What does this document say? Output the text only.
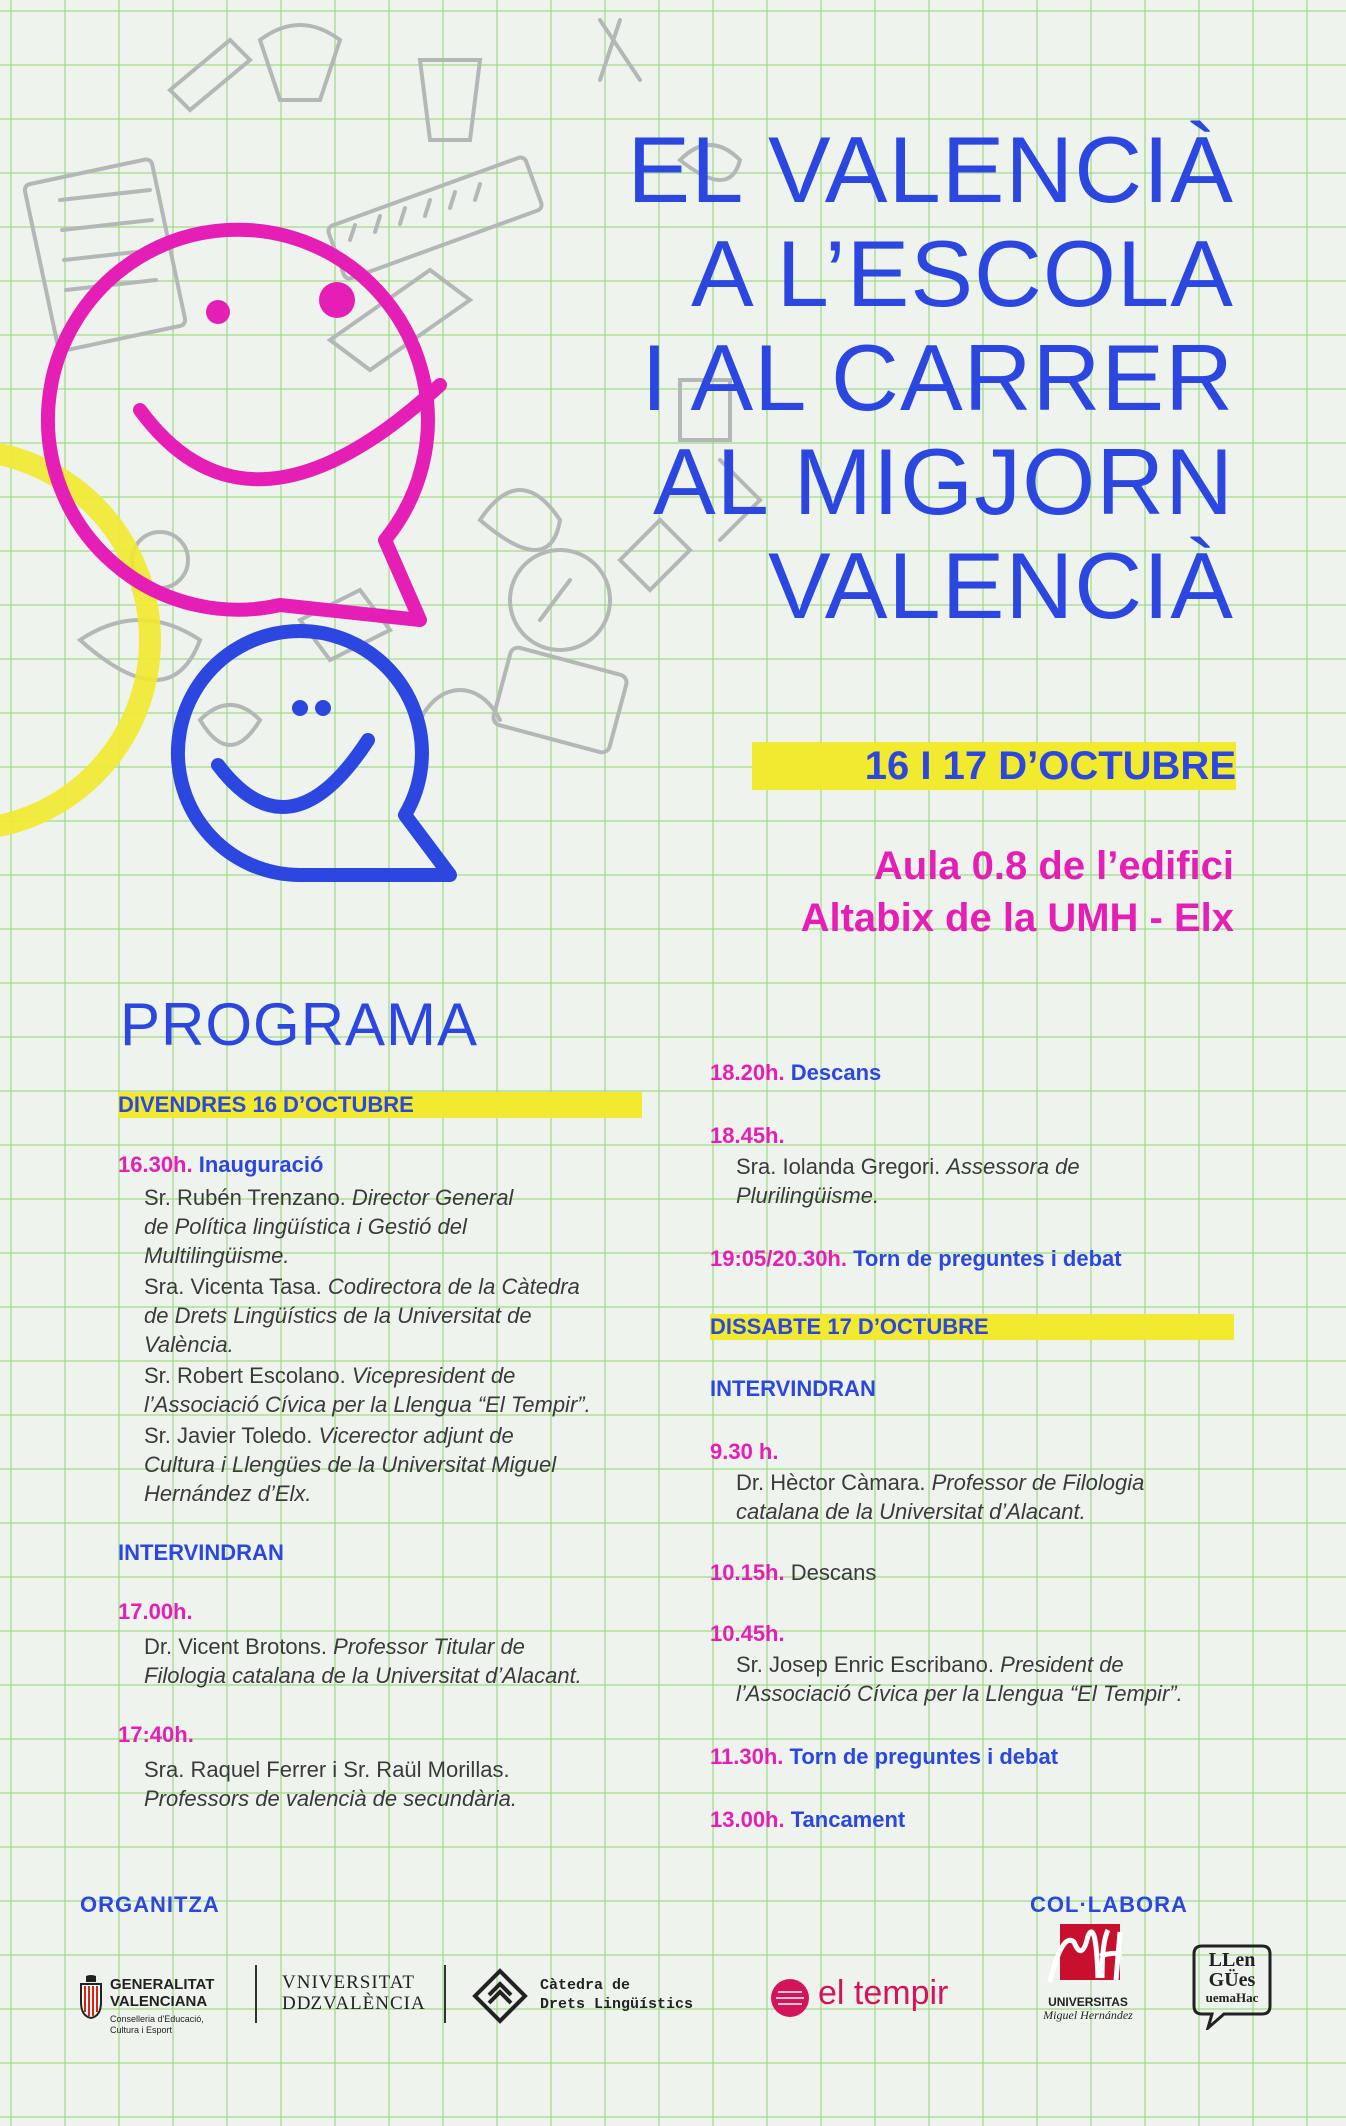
EL VALENCIÀ
A L’ESCOLA
I AL CARRER
AL MIGJORN
VALENCIÀ
16 I 17 D’OCTUBRE
Aula 0.8 de l’edifici
Altabix de la UMH - Elx
PROGRAMA
DIVENDRES 16 D’OCTUBRE
16.30h. Inauguració
Sr. Rubén Trenzano. Director General
de Política lingüística i Gestió del
Multilingüisme.
Sra. Vicenta Tasa. Codirectora de la Càtedra
de Drets Lingüístics de la Universitat de
València.
Sr. Robert Escolano. Vicepresident de
l’Associació Cívica per la Llengua “El Tempir”.
Sr. Javier Toledo. Vicerector adjunt de
Cultura i Llengües de la Universitat Miguel
Hernández d’Elx.
INTERVINDRAN
17.00h.
Dr. Vicent Brotons. Professor Titular de
Filologia catalana de la Universitat d’Alacant.
17:40h.
Sra. Raquel Ferrer i Sr. Raül Morillas.
Professors de valencià de secundària.
18.20h. Descans
18.45h.
Sra. Iolanda Gregori. Assessora de
Plurilingüisme.
19:05/20.30h. Torn de preguntes i debat
DISSABTE 17 D’OCTUBRE
INTERVINDRAN
9.30 h.
Dr. Hèctor Càmara. Professor de Filologia
catalana de la Universitat d’Alacant.
10.15h. Descans
10.45h.
Sr. Josep Enric Escribano. President de
l’Associació Cívica per la Llengua “El Tempir”.
11.30h. Torn de preguntes i debat
13.00h. Tancament
ORGANITZA	COL·LABORA
GENERALITAT
VALENCIANA
Conselleria d'Educació,
Cultura i Esport
VNIVERSITAT
DǱVALÈNCIA
Càtedra de
Drets Lingüístics	el tempir	UNIVERSITAS
Miguel Hernández
LLen
GÜes
uemaHac
